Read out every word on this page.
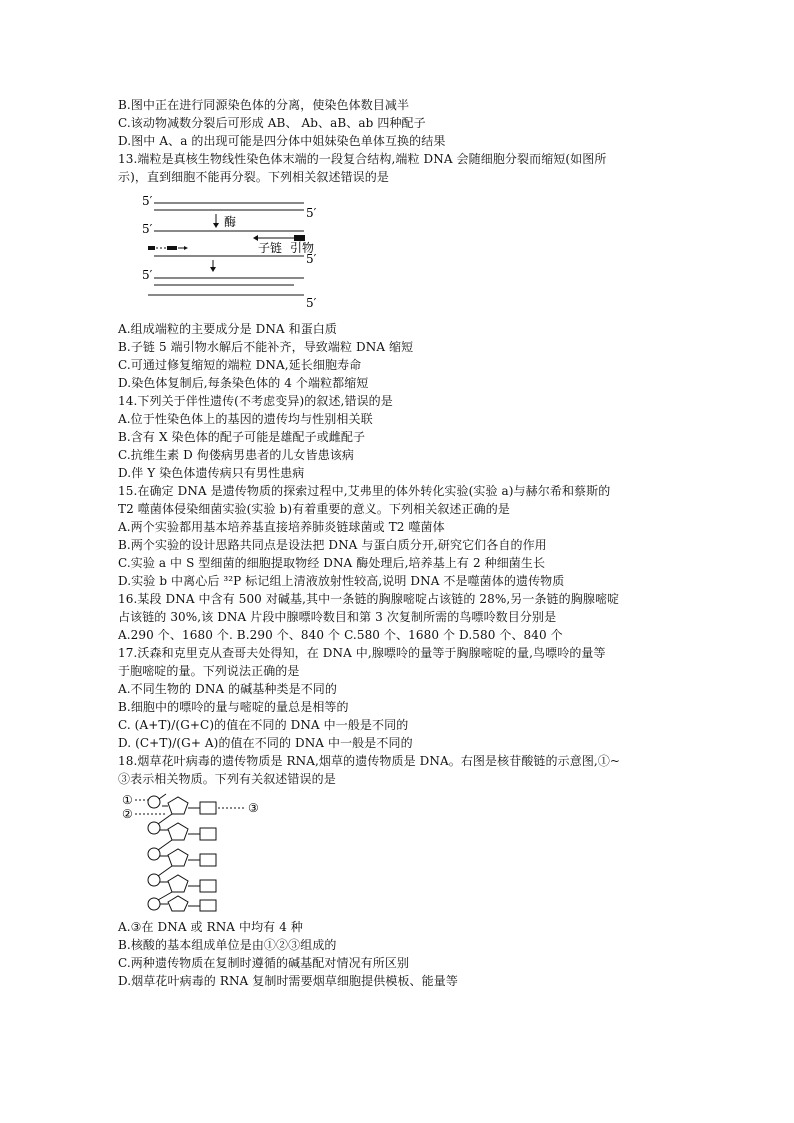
B.图中正在进行同源染色体的分离，使染色体数目减半
C.该动物减数分裂后可形成 AB、 Ab、aB、ab 四种配子
D.图中 A、a 的出现可能是四分体中姐妹染色单体互换的结果
13.端粒是真核生物线性染色体末端的一段复合结构,端粒 DNA 会随细胞分裂而缩短(如图所
示)，直到细胞不能再分裂。下列相关叙述错误的是
5′
5′
酶
5′
子链 引物
5′
5′
5′
A.组成端粒的主要成分是 DNA 和蛋白质
B.子链 5 端引物水解后不能补齐，导致端粒 DNA 缩短
C.可通过修复缩短的端粒 DNA,延长细胞寿命
D.染色体复制后,每条染色体的 4 个端粒都缩短
14.下列关于伴性遗传(不考虑变异)的叙述,错误的是
A.位于性染色体上的基因的遗传均与性别相关联
B.含有 X 染色体的配子可能是雄配子或雌配子
C.抗维生素 D 佝偻病男患者的儿女皆患该病
D.伴 Y 染色体遗传病只有男性患病
15.在确定 DNA 是遗传物质的探索过程中,艾弗里的体外转化实验(实验 a)与赫尔希和蔡斯的
T2 噬菌体侵染细菌实验(实验 b)有着重要的意义。下列相关叙述正确的是
A.两个实验都用基本培养基直接培养肺炎链球菌或 T2 噬菌体
B.两个实验的设计思路共同点是设法把 DNA 与蛋白质分开,研究它们各自的作用
C.实验 a 中 S 型细菌的细胞提取物经 DNA 酶处理后,培养基上有 2 种细菌生长
D.实验 b 中离心后 ³²P 标记组上清液放射性较高,说明 DNA 不是噬菌体的遗传物质
16.某段 DNA 中含有 500 对碱基,其中一条链的胸腺嘧啶占该链的 28%,另一条链的胸腺嘧啶
占该链的 30%,该 DNA 片段中腺嘌呤数目和第 3 次复制所需的鸟嘌呤数目分别是
A.290 个、1680 个. B.290 个、840 个 C.580 个、1680 个 D.580 个、840 个
17.沃森和克里克从查哥夫处得知，在 DNA 中,腺嘌呤的量等于胸腺嘧啶的量,鸟嘌呤的量等
于胞嘧啶的量。下列说法正确的是
A.不同生物的 DNA 的碱基种类是不同的
B.细胞中的嘌呤的量与嘧啶的量总是相等的
C. (A+T)/(G+C)的值在不同的 DNA 中一般是不同的
D. (C+T)/(G+ A)的值在不同的 DNA 中一般是不同的
18.烟草花叶病毒的遗传物质是 RNA,烟草的遗传物质是 DNA。右图是核苷酸链的示意图,①~
③表示相关物质。下列有关叙述错误的是
①
②	③
A.③在 DNA 或 RNA 中均有 4 种
B.核酸的基本组成单位是由①②③组成的
C.两种遗传物质在复制时遵循的碱基配对情况有所区别
D.烟草花叶病毒的 RNA 复制时需要烟草细胞提供模板、能量等
